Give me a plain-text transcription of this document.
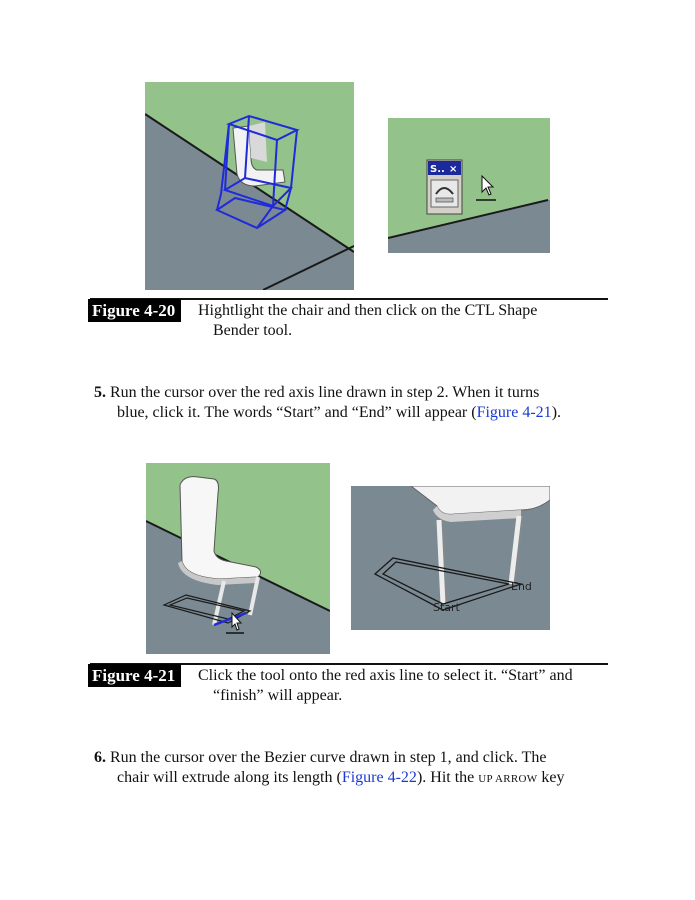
S.. ×
Figure 4-20	Hightlight the chair and then click on the CTL Shape
Bender tool.
5. Run the cursor over the red axis line drawn in step 2. When it turns
blue, click it. The words “Start” and “End” will appear (Figure 4-21).
Start
End
Figure 4-21	Click the tool onto the red axis line to select it. “Start” and
“finish” will appear.
6. Run the cursor over the Bezier curve drawn in step 1, and click. The
chair will extrude along its length (Figure 4-22). Hit the UP ARROW key
